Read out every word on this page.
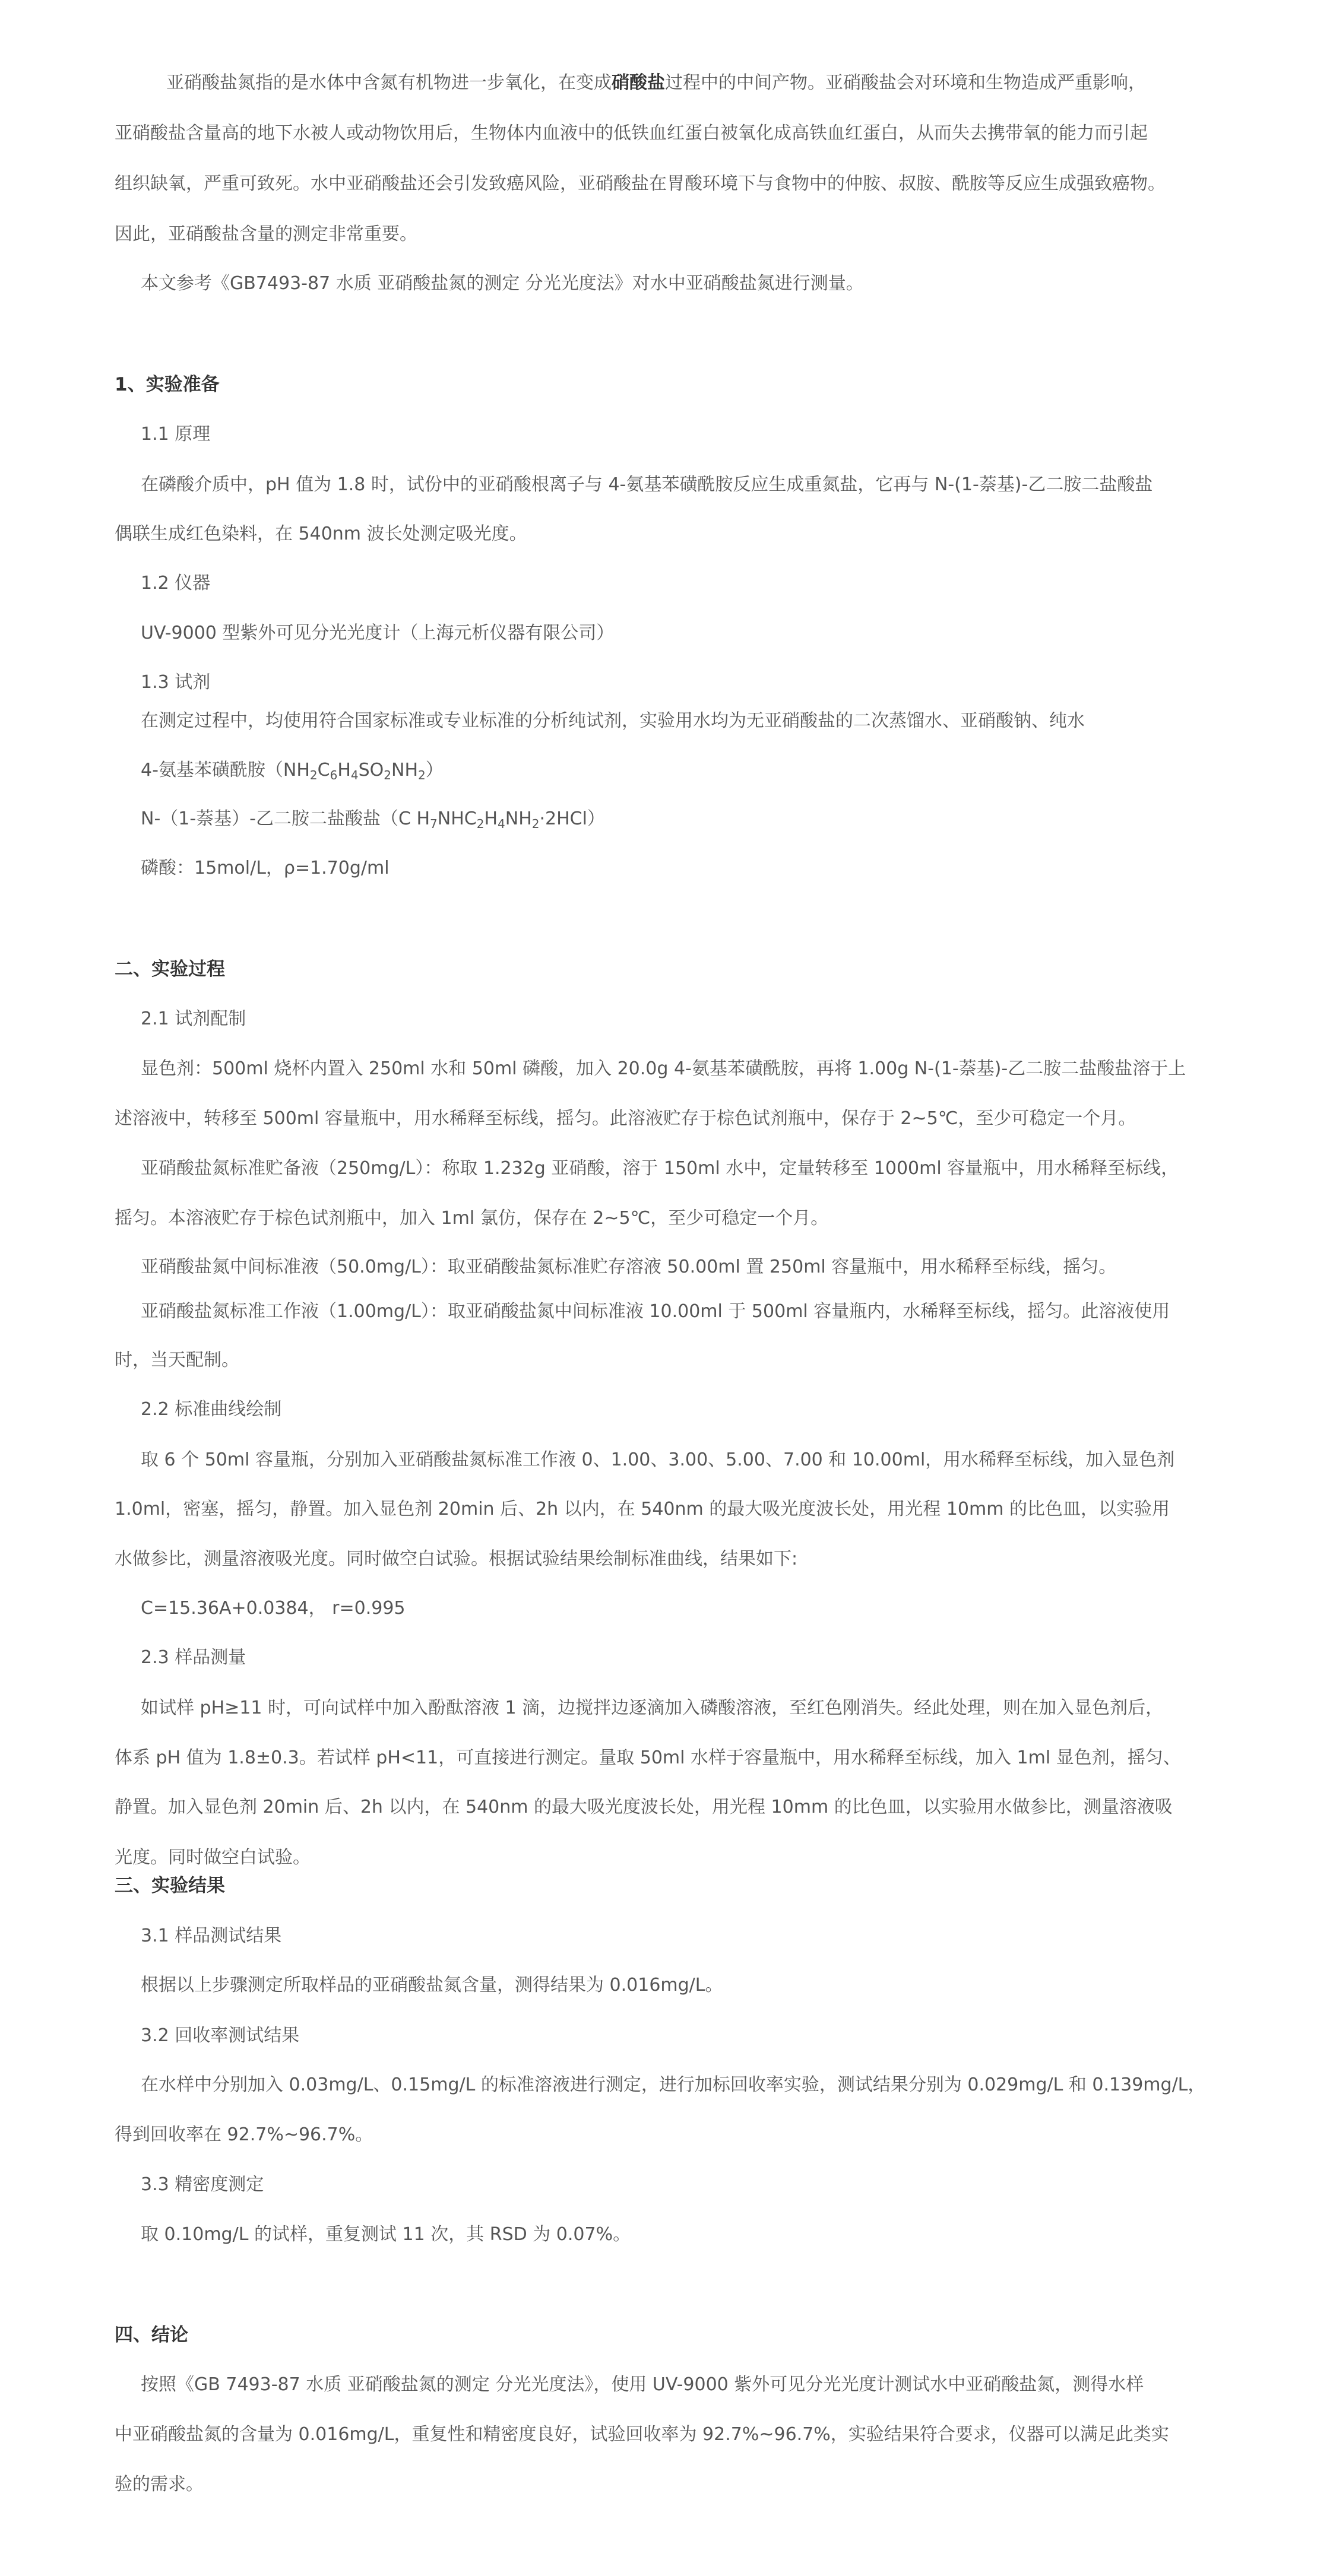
亚硝酸盐氮指的是水体中含氮有机物进一步氧化，在变成硝酸盐过程中的中间产物。亚硝酸盐会对环境和生物造成严重影响，
亚硝酸盐含量高的地下水被人或动物饮用后，生物体内血液中的低铁血红蛋白被氧化成高铁血红蛋白，从而失去携带氧的能力而引起
组织缺氧，严重可致死。水中亚硝酸盐还会引发致癌风险，亚硝酸盐在胃酸环境下与食物中的仲胺、叔胺、酰胺等反应生成强致癌物。
因此，亚硝酸盐含量的测定非常重要。
本文参考《GB7493-87 水质 亚硝酸盐氮的测定 分光光度法》对水中亚硝酸盐氮进行测量。
1、实验准备
1.1 原理
在磷酸介质中，pH 值为 1.8 时，试份中的亚硝酸根离子与 4-氨基苯磺酰胺反应生成重氮盐，它再与 N-(1-萘基)-乙二胺二盐酸盐
偶联生成红色染料，在 540nm 波长处测定吸光度。
1.2 仪器
UV-9000 型紫外可见分光光度计（上海元析仪器有限公司）
1.3 试剂
在测定过程中，均使用符合国家标准或专业标准的分析纯试剂，实验用水均为无亚硝酸盐的二次蒸馏水、亚硝酸钠、纯水
4-氨基苯磺酰胺$(NH_2C_6H_4SO_2NH_2)$
N-（1-萘基）-乙二胺二盐酸盐（C $H_7NHC_2H_4NH_2\cdot 2HCl$）
磷酸：15mol/L，ρ=1.70g/ml
二、实验过程
2.1 试剂配制
显色剂：500ml 烧杯内置入 250ml 水和 50ml 磷酸，加入 20.0g 4-氨基苯磺酰胺，再将 1.00g N-(1-萘基)-乙二胺二盐酸盐溶于上
述溶液中，转移至 500ml 容量瓶中，用水稀释至标线，摇匀。此溶液贮存于棕色试剂瓶中，保存于 2~5℃，至少可稳定一个月。
亚硝酸盐氮标准贮备液（250mg/L）：称取 1.232g 亚硝酸，溶于 150ml 水中，定量转移至 1000ml 容量瓶中，用水稀释至标线，
摇匀。本溶液贮存于棕色试剂瓶中，加入 1ml 氯仿，保存在 2~5℃，至少可稳定一个月。
亚硝酸盐氮中间标准液（50.0mg/L）：取亚硝酸盐氮标准贮存溶液 50.00ml 置 250ml 容量瓶中，用水稀释至标线，摇匀。
亚硝酸盐氮标准工作液（1.00mg/L）：取亚硝酸盐氮中间标准液 10.00ml 于 500ml 容量瓶内，水稀释至标线，摇匀。此溶液使用
时，当天配制。
2.2 标准曲线绘制
取 6 个 50ml 容量瓶，分别加入亚硝酸盐氮标准工作液 0、1.00、3.00、5.00、7.00 和 10.00ml，用水稀释至标线，加入显色剂
1.0ml，密塞，摇匀，静置。加入显色剂 20min 后、2h 以内，在 540nm 的最大吸光度波长处，用光程 10mm 的比色皿，以实验用
水做参比，测量溶液吸光度。同时做空白试验。根据试验结果绘制标准曲线，结果如下:
C=15.36A+0.0384， r=0.995
2.3 样品测量
如试样 pH≥11 时，可向试样中加入酚酞溶液 1 滴，边搅拌边逐滴加入磷酸溶液，至红色刚消失。经此处理，则在加入显色剂后，
体系 pH 值为 1.8±0.3。若试样 pH<11，可直接进行测定。量取 50ml 水样于容量瓶中，用水稀释至标线，加入 1ml 显色剂，摇匀、
静置。加入显色剂 20min 后、2h 以内，在 540nm 的最大吸光度波长处，用光程 10mm 的比色皿，以实验用水做参比，测量溶液吸
光度。同时做空白试验。
三、实验结果
3.1 样品测试结果
根据以上步骤测定所取样品的亚硝酸盐氮含量，测得结果为 0.016mg/L。
3.2 回收率测试结果
在水样中分别加入 0.03mg/L、0.15mg/L 的标准溶液进行测定，进行加标回收率实验，测试结果分别为 0.029mg/L 和 0.139mg/L，
得到回收率在 92.7%~96.7%。
3.3 精密度测定
取 0.10mg/L 的试样，重复测试 11 次，其 RSD 为 0.07%。
四、结论
按照《GB 7493-87 水质 亚硝酸盐氮的测定 分光光度法》，使用 UV-9000 紫外可见分光光度计测试水中亚硝酸盐氮，测得水样
中亚硝酸盐氮的含量为 0.016mg/L，重复性和精密度良好，试验回收率为 92.7%~96.7%，实验结果符合要求，仪器可以满足此类实
验的需求。
